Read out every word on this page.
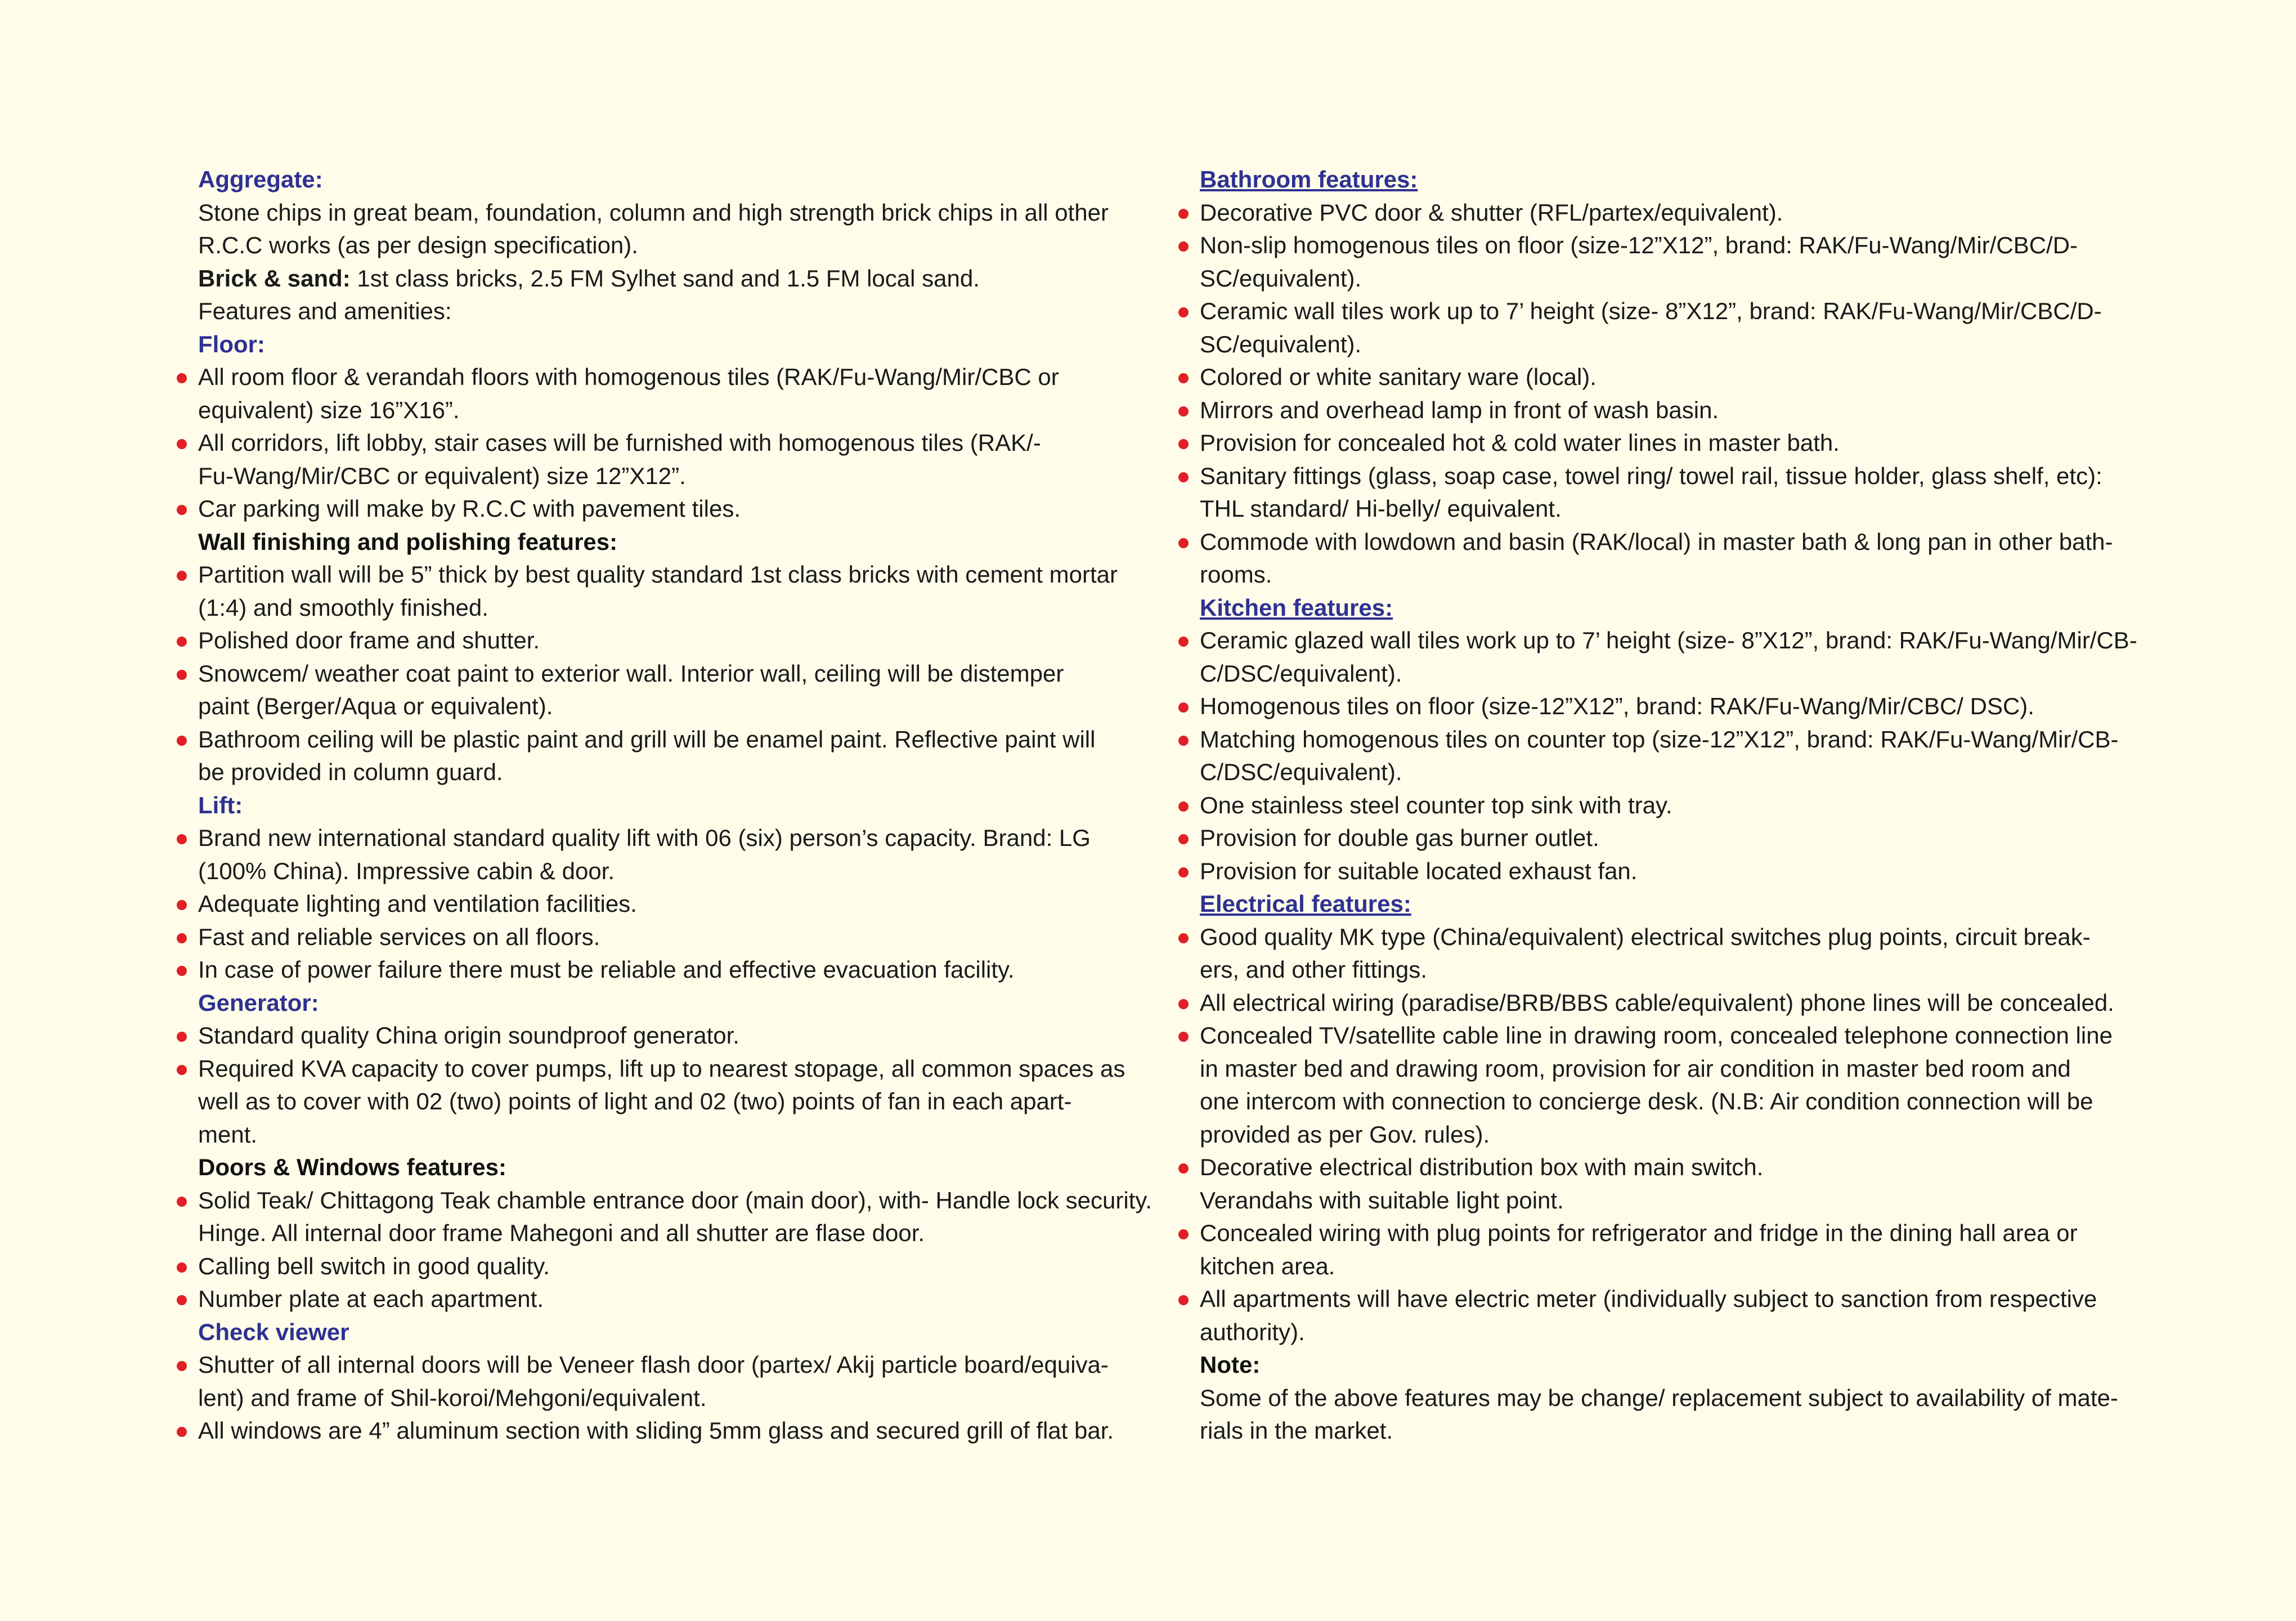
Aggregate:
Stone chips in great beam, foundation, column and high strength brick chips in all other
R.C.C works (as per design specification).
Brick & sand: 1st class bricks, 2.5 FM Sylhet sand and 1.5 FM local sand.
Features and amenities:
Floor:
All room floor & verandah floors with homogenous tiles (RAK/Fu-Wang/Mir/CBC or
equivalent) size 16”X16”.
All corridors, lift lobby, stair cases will be furnished with homogenous tiles (RAK/-
Fu-Wang/Mir/CBC or equivalent) size 12”X12”.
Car parking will make by R.C.C with pavement tiles.
Wall finishing and polishing features:
Partition wall will be 5” thick by best quality standard 1st class bricks with cement mortar
(1:4) and smoothly finished.
Polished door frame and shutter.
Snowcem/ weather coat paint to exterior wall. Interior wall, ceiling will be distemper
paint (Berger/Aqua or equivalent).
Bathroom ceiling will be plastic paint and grill will be enamel paint. Reflective paint will
be provided in column guard.
Lift:
Brand new international standard quality lift with 06 (six) person’s capacity. Brand: LG
(100% China). Impressive cabin & door.
Adequate lighting and ventilation facilities.
Fast and reliable services on all floors.
In case of power failure there must be reliable and effective evacuation facility.
Generator:
Standard quality China origin soundproof generator.
Required KVA capacity to cover pumps, lift up to nearest stopage, all common spaces as
well as to cover with 02 (two) points of light and 02 (two) points of fan in each apart-
ment.
Doors & Windows features:
Solid Teak/ Chittagong Teak chamble entrance door (main door), with- Handle lock security.
Hinge. All internal door frame Mahegoni and all shutter are flase door.
Calling bell switch in good quality.
Number plate at each apartment.
Check viewer
Shutter of all internal doors will be Veneer flash door (partex/ Akij particle board/equiva-
lent) and frame of Shil-koroi/Mehgoni/equivalent.
All windows are 4” aluminum section with sliding 5mm glass and secured grill of flat bar.
Bathroom features:
Decorative PVC door & shutter (RFL/partex/equivalent).
Non-slip homogenous tiles on floor (size-12”X12”, brand: RAK/Fu-Wang/Mir/CBC/D-
SC/equivalent).
Ceramic wall tiles work up to 7’ height (size- 8”X12”, brand: RAK/Fu-Wang/Mir/CBC/D-
SC/equivalent).
Colored or white sanitary ware (local).
Mirrors and overhead lamp in front of wash basin.
Provision for concealed hot & cold water lines in master bath.
Sanitary fittings (glass, soap case, towel ring/ towel rail, tissue holder, glass shelf, etc):
THL standard/ Hi-belly/ equivalent.
Commode with lowdown and basin (RAK/local) in master bath & long pan in other bath-
rooms.
Kitchen features:
Ceramic glazed wall tiles work up to 7’ height (size- 8”X12”, brand: RAK/Fu-Wang/Mir/CB-
C/DSC/equivalent).
Homogenous tiles on floor (size-12”X12”, brand: RAK/Fu-Wang/Mir/CBC/ DSC).
Matching homogenous tiles on counter top (size-12”X12”, brand: RAK/Fu-Wang/Mir/CB-
C/DSC/equivalent).
One stainless steel counter top sink with tray.
Provision for double gas burner outlet.
Provision for suitable located exhaust fan.
Electrical features:
Good quality MK type (China/equivalent) electrical switches plug points, circuit break-
ers, and other fittings.
All electrical wiring (paradise/BRB/BBS cable/equivalent) phone lines will be concealed.
Concealed TV/satellite cable line in drawing room, concealed telephone connection line
in master bed and drawing room, provision for air condition in master bed room and
one intercom with connection to concierge desk. (N.B: Air condition connection will be
provided as per Gov. rules).
Decorative electrical distribution box with main switch.
Verandahs with suitable light point.
Concealed wiring with plug points for refrigerator and fridge in the dining hall area or
kitchen area.
All apartments will have electric meter (individually subject to sanction from respective
authority).
Note:
Some of the above features may be change/ replacement subject to availability of mate-
rials in the market.
